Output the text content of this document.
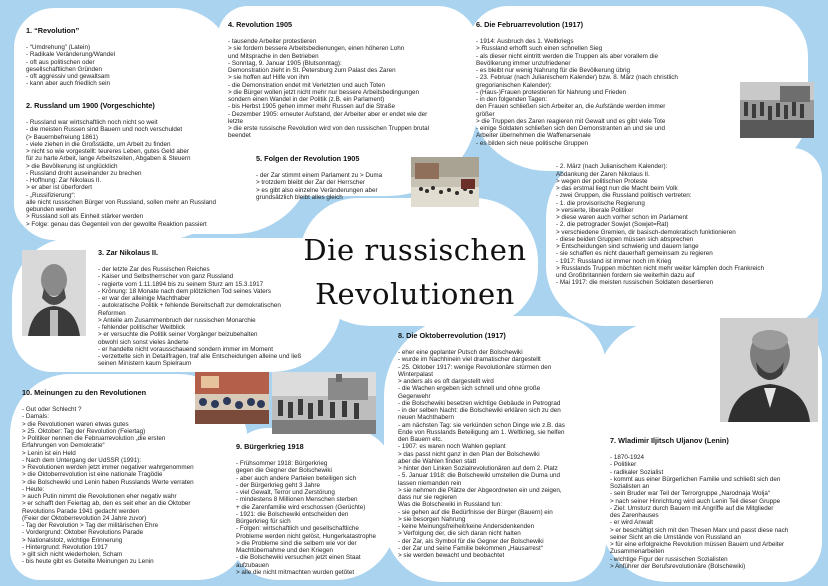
Die russischen
Revolutionen

1. “Revolution”

- “Umdrehung” (Latein)
- Radikale Veränderung/Wandel
- oft aus politischen oder
gesellschaftlichen Gründen
- oft aggressiv und gewaltsam
- kann aber auch friedlich sein

2. Russland um 1900 (Vorgeschichte)

- Russland war wirtschaftlich noch nicht so weit
- die meisten Russen sind Bauern und noch verschuldet
(> Bauernbefreiung 1861)
- viele ziehen in die Großstädte, um Arbeit zu finden
> nicht so wie vorgestellt: teureres Leben, gutes Geld aber
für zu harte Arbeit, lange Arbeitszeiten, Abgaben & Steuern
> die Bevölkerung ist unglücklich
- Russland droht auseinander zu brechen
- Hoffnung: Zar Nikolaus II.
> er aber ist überfordert
- „Russifizierung“:
alle nicht russischen Bürger von Russland, sollen mehr an Russland
gebunden werden
> Russland soll als Einheit stärker werden
> Folge: genau das Gegenteil von der gewollte Reaktion passiert

4. Revolution 1905

- tausende Arbeiter protestieren
> sie fordern bessere Arbeitsbedienungen, einen höheren Lohn
und Mitsprache in den Betrieben
- Sonntag, 9. Januar 1905 (Blutsonntag):
Demonstration zieht in St. Petersburg zum Palast des Zaren
> sie hoffen auf Hilfe von ihm
- die Demonstration endet mit Verletzten und auch Toten
> die Bürger wollen jetzt nicht mehr nur bessere Arbeitsbedingungen
sondern einen Wandel in der Politik (z.B. ein Parlament)
- bis Herbst 1905 gehen immer mehr Russen auf die Straße
- Dezember 1905: erneuter Aufstand, der Arbeiter aber er endet wie der
letzte
> die erste russische Revolution wird von den russischen Truppen brutal
beendet

5. Folgen der Revolution 1905

- der Zar stimmt einem Parlament zu > Duma
> trotzdem bleibt der Zar der Herrscher
> es gibt also einzelne Veränderungen aber
grundsätzlich bleibt alles gleich

6. Die Februarrevolution (1917)

- 1914: Ausbruch des 1. Weltkriegs
> Russland erhofft such einen schnellen Sieg
- als dieser nicht eintritt werden die Truppen als aber vorallem die
Bevölkerung immer unzufriedener
- es bleibt nur wenig Nahrung für die Bevölkerung übrig
- 23. Februar (nach Julianischem Kalender) bzw. 8. März (nach christlich
gregorianischen Kalender):
- (Haus-)Frauen protestieren für Nahrung und Frieden
- in den folgenden Tagen:
den Frauen schließen sich Arbeiter an, die Aufstände werden immer
größer
> die Truppen des Zaren reagieren mit Gewalt und es gibt viele Tote
- einige Soldaten schließen sich den Demonstranten an und sie und
Arbeiter übernehmen die Waffenarsenale
- es bilden sich neue politische Gruppen

- 2. März (nach Julianischem Kalender):
Abdankung der Zaren Nikolaus II.
> wegen der politischen Proteste
> das erstmal liegt nun die Macht beim Volk
- zwei Gruppen, die Russland politisch vertreten:
- 1. die provisorische Regierung
> versierte, liberale Politiker
> diese waren auch vorher schon im Parlament
- 2. die petrograder Sowjet (Sowjet=Rat)
> verschiedene Gremien, dir basisch-demokratisch funktionieren
- diese beiden Gruppen müssen sich absprechen
> Entscheidungen sind schwierig und dauern lange
- sie schaffen es nicht dauerhaft gemeinsam zu regieren
- 1917: Russland ist immer noch im Krieg
> Russlands Truppen möchten nicht mehr weiter kämpfen doch Frankreich
und Großbritannien fordern sie weiterhin dazu auf
- Mai 1917: die meisten russischen Soldaten desertieren

3. Zar Nikolaus II.

- der letzte Zar des Russischen Reiches
- Kaiser und Selbstherrscher von ganz Russland
- regierte vom 1.11.1894 bis zu seinem Sturz am 15.3.1917
- Krönung: 18 Monate nach dem plötzlichen Tod seines Vaters
- er war der alleinige Machthaber
- autokratische Politik + fehlende Bereitschaft zur demokratischen
Reformen
> Anteile am Zusammenbruch der russischen Monarchie
- fehlender politischer Weitblick
> er versuchte die Politik seiner Vorgänger beizubehalten
obwohl sich sonst vieles änderte
- er handelte nicht vorausschauend sondern immer im Moment
- verzettelte sich in Detailfragen, traf alle Entscheidungen alleine und ließ
seinen Ministern kaum Spielraum

10. Meinungen zu den Revolutionen

- Gut oder Schlecht ?
- Damals:
> die Revolutionen waren etwas gutes
> 25. Oktober: Tag der Revolution (Feiertag)
> Politiker nennen die Februarrevolution „die ersten
Erfahrungen von Demokratie“
> Lenin ist ein Held
- Nach dem Untergang der UdSSR (1991):
> Revolutionen werden jetzt immer negativer wahrgenommen
> die Oktoberrevolution ist eine nationale Tragödie
> die Bolschewiki und Lenin haben Russlands Werte verraten
- Heute:
> auch Putin nimmt die Revolutionen eher negativ wahr
> er schafft den Feiertag ab, den es seit eher an die Oktober
Revolutions Parade 1941 gedacht werden
(Feier der Oktoberrevolution 24 Jahre zuvor)
- Tag der Revolution > Tag der militärischen Ehre
- Vordergrund: Oktober Revolutions Parade
> Nationalstolz, wichtige Erinnerung
- Hintergrund: Revolution 1917
> gilt sich nicht wiederholen, Scham
- bis heute gibt es Geteilte Meinungen zu Lenin

8. Die Oktoberrevolution (1917)

- eher eine geplanter Putsch der Bolschewiki
- wurde im Nachhinein viel dramatischer dargestellt
- 25. Oktober 1917: wenige Revolutionäre stürmen den
Winterpalast
> anders als es oft dargestellt wird
- die Wachen ergeben sich schnell und ohne große
Gegenwehr
- die Bolschewiki besetzen wichtige Gebäude in Petrograd
- in der selben Nacht: die Bolschewiki erklären sich zu den
neuen Machthabern
- am nächsten Tag: sie verkünden schon Dinge wie z.B. das
Ende von Russlands Beteiligung am 1. Weltkrieg, sie helfen
den Bauern etc.
- 1907: es waren noch Wahlen geplant
> das passt nicht ganz in den Plan der Bolschewiki
aber die Wahlen finden statt
> hinter den Linken Sozialrevolutionären auf dem 2. Platz
- 5. Januar 1918: die Bolschewiki umstellen die Duma und
lassen niemanden rein
> sie nehmen die Plätze der Abgeordneten ein und zeigen,
dass nur sie regieren
Was die Bolschewiki in Russland tun:
- sie gehen auf die Bedürfnisse der Bürger (Bauern) ein
> sie besorgen Nahrung
- keine Meinungsfreiheit/keine Andersdenkenden
> Verfolgung der, die sich daran nicht halten
- der Zar, als Symbol für die Gegner der Bolschewiki
- der Zar und seine Familie bekommen „Hausarrest“
> sie werden bewacht und beobachtet

9. Bürgerkrieg 1918

- Frühsommer 1918: Bürgerkrieg
gegen die Gegner der Bolschewiki
- aber auch andere Parteien beteiligen sich
- der Bürgerkrieg geht 3 Jahre
- viel Gewalt, Terror und Zerstörung
- mindestens 8 Millionen Menschen sterben
+ die Zarenfamilie wird erschossen (Gerüchte)
- 1921: die Bolschewiki entscheiden den
Bürgerkrieg für sich
- Folgen: wirtschaftlich und gesellschaftliche
Probleme werden nicht gelöst, Hungerkatastrophe
> die Probleme sind die selbem wie vor der
Machtübernahme und den Kriegen
- die Bolschewiki versuchen jetzt einen Staat
aufzubauen
> alle die nicht mitmachten wurden getötet

7. Wladimir Iljitsch Uljanov (Lenin)

- 1870-1924
- Politiker
- radikaler Sozialist
- kommt aus einer Bürgerlichen Familie und schließt sich den
Sozialisten an
- sein Bruder war Teil der Terrorgruppe „Narodnaja Wolja“
> nach seiner Hinrichtung wird auch Lenin Teil dieser Gruppe
- Ziel: Umsturz durch Bauern mit Angriffe auf die Mitglieder
des Zarenhauses
- er wird Anwalt
> er beschäftigt sich mit den Thesen Marx und passt diese nach
seiner Sicht an die Umstände von Russland an
> für eine erfolgreiche Revolution müssen Bauern und Arbeiter
Zusammenarbeiten
- wichtige Figur der russischen Sozialisten
> Anführer der Berufsrevolutionäre (Bolschewiki)
